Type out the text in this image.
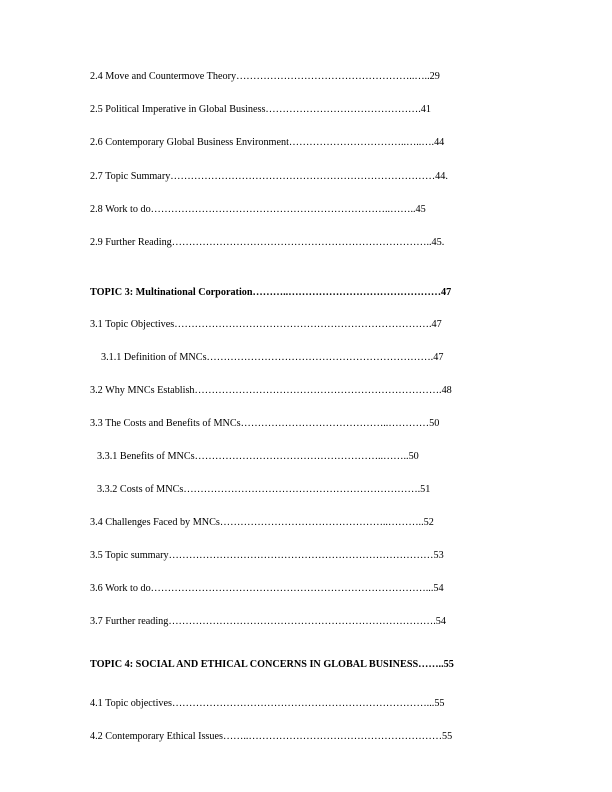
2.4 Move and Countermove Theory……………………………………………..…..29
2.5 Political Imperative in Global Business……………………………………….41
2.6 Contemporary Global Business Environment……………………………..…..….44
2.7 Topic Summary……………………………………………………………………44.
2.8 Work to do……………………………………………………………..……..45
2.9 Further Reading…………………………………………………………………..45.
TOPIC 3: Multinational Corporation………..………………………………………47
3.1 Topic Objectives………………………………………………………………….47
3.1.1 Definition of MNCs………………………………………………………….47
3.2 Why MNCs Establish……………………………………………………………….48
3.3 The Costs and Benefits of MNCs……………………………………..…………50
3.3.1 Benefits of MNCs………………………………………………..……..50
3.3.2 Costs of MNCs…………………………………………………………….51
3.4 Challenges Faced by MNCs…………………………………………..………..52
3.5 Topic summary……………………………………………………………………53
3.6 Work to do………………………………………………………………………...54
3.7 Further reading…………………………………………………………………….54
TOPIC 4: SOCIAL AND ETHICAL CONCERNS IN GLOBAL BUSINESS……..55
4.1 Topic objectives…………………………………………………………………...55
4.2 Contemporary Ethical Issues……..…………………………………………………55
